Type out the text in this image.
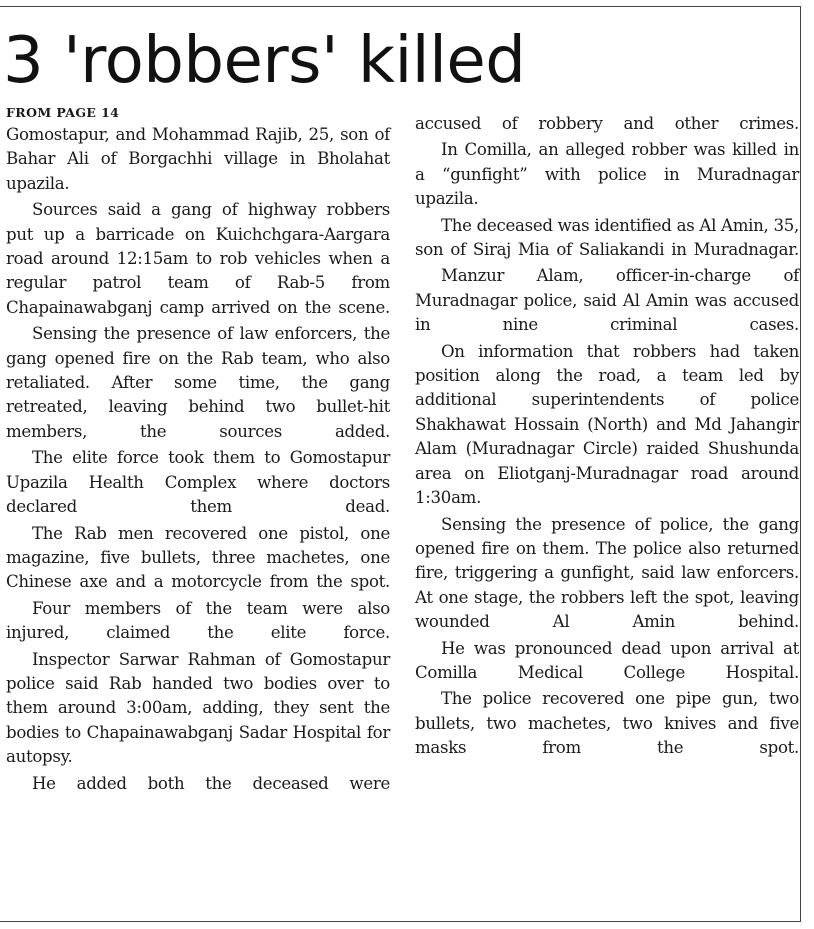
3 'robbers' killed
FROM PAGE 14

Gomostapur, and Mohammad Rajib, 25, son of Bahar Ali of Borgachhi village in Bholahat upazila.

Sources said a gang of highway robbers put up a barricade on Kuichchgara-Aargara road around 12:15am to rob vehicles when a regular patrol team of Rab-5 from Chapainawabganj camp arrived on the scene.

Sensing the presence of law enforcers, the gang opened fire on the Rab team, who also retaliated. After some time, the gang retreated, leaving behind two bullet-hit members, the sources added.

The elite force took them to Gomostapur Upazila Health Complex where doctors declared them dead.

The Rab men recovered one pistol, one magazine, five bullets, three machetes, one Chinese axe and a motorcycle from the spot.

Four members of the team were also injured, claimed the elite force.

Inspector Sarwar Rahman of Gomostapur police said Rab handed two bodies over to them around 3:00am, adding, they sent the bodies to Chapainawabganj Sadar Hospital for autopsy.

He added both the deceased were

accused of robbery and other crimes.

In Comilla, an alleged robber was killed in a “gunfight” with police in Muradnagar upazila.

The deceased was identified as Al Amin, 35, son of Siraj Mia of Saliakandi in Muradnagar.

Manzur Alam, officer-in-charge of Muradnagar police, said Al Amin was accused in nine criminal cases.

On information that robbers had taken position along the road, a team led by additional superintendents of police Shakhawat Hossain (North) and Md Jahangir Alam (Muradnagar Circle) raided Shushunda area on Eliotganj-Muradnagar road around 1:30am.

Sensing the presence of police, the gang opened fire on them. The police also returned fire, triggering a gunfight, said law enforcers. At one stage, the robbers left the spot, leaving wounded Al Amin behind.

He was pronounced dead upon arrival at Comilla Medical College Hospital.

The police recovered one pipe gun, two bullets, two machetes, two knives and five masks from the spot.
